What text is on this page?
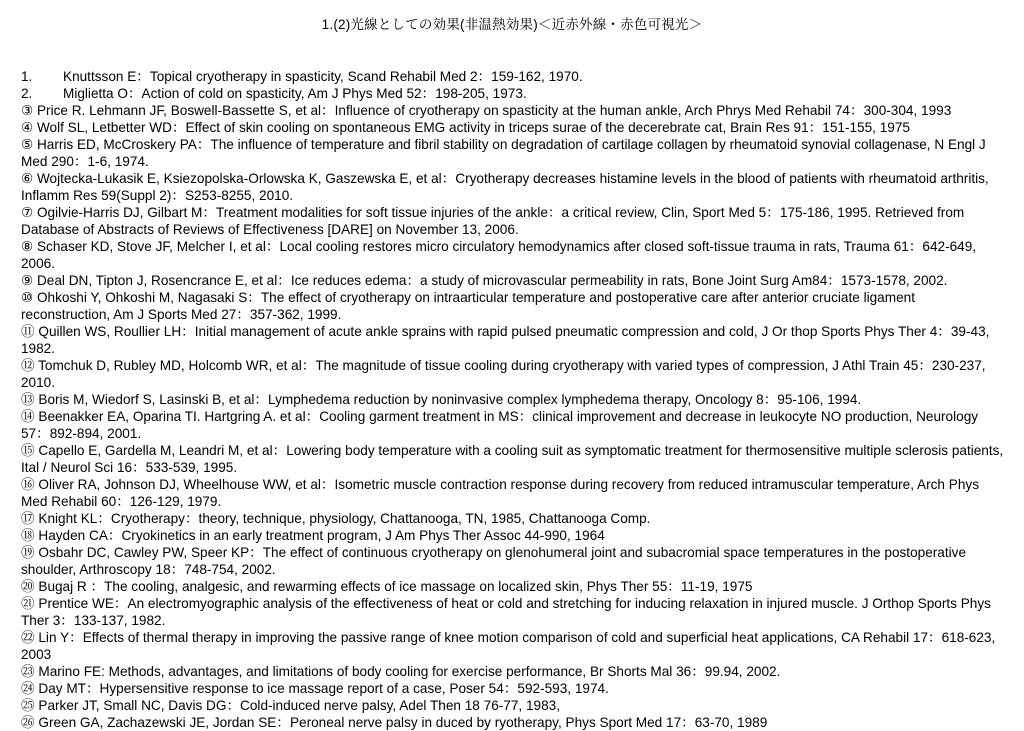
1.(2)光線としての効果(非温熱効果)＜近赤外線・赤色可視光＞
1. Knuttsson E：Topical cryotherapy in spasticity, Scand Rehabil Med 2：159-162, 1970.
2. Miglietta O：Action of cold on spasticity, Am J Phys Med 52：198-205, 1973.
③ Price R. Lehmann JF, Boswell-Bassette S, et al：Influence of cryotherapy on spasticity at the human ankle, Arch Phrys Med Rehabil 74：300-304, 1993
④ Wolf SL, Letbetter WD：Effect of skin cooling on spontaneous EMG activity in triceps surae of the decerebrate cat, Brain Res 91：151-155, 1975
⑤ Harris ED, McCroskery PA：The influence of temperature and fibril stability on degradation of cartilage collagen by rheumatoid synovial collagenase, N Engl J Med 290：1-6, 1974.
⑥ Wojtecka-Lukasik E, Ksiezopolska-Orlowska K, Gaszewska E, et al：Cryotherapy decreases histamine levels in the blood of patients with rheumatoid arthritis, Inflamm Res 59(Suppl 2)：S253-8255, 2010.
⑦ Ogilvie-Harris DJ, Gilbart M：Treatment modalities for soft tissue injuries of the ankle：a critical review, Clin, Sport Med 5：175-186, 1995. Retrieved from Database of Abstracts of Reviews of Effectiveness [DARE] on November 13, 2006.
⑧ Schaser KD, Stove JF, Melcher I, et al：Local cooling restores micro circulatory hemodynamics after closed soft-tissue trauma in rats, Trauma 61：642-649, 2006.
⑨ Deal DN, Tipton J, Rosencrance E, et al：Ice reduces edema：a study of microvascular permeability in rats, Bone Joint Surg Am84：1573-1578, 2002.
⑩ Ohkoshi Y, Ohkoshi M, Nagasaki S：The effect of cryotherapy on intraarticular temperature and postoperative care after anterior cruciate ligament reconstruction, Am J Sports Med 27：357-362, 1999.
⑪ Quillen WS, Roullier LH：Initial management of acute ankle sprains with rapid pulsed pneumatic compression and cold, J Or thop Sports Phys Ther 4：39-43, 1982.
⑫ Tomchuk D, Rubley MD, Holcomb WR, et al：The magnitude of tissue cooling during cryotherapy with varied types of compression, J Athl Train 45：230-237, 2010.
⑬ Boris M, Wiedorf S, Lasinski B, et al：Lymphedema reduction by noninvasive complex lymphedema therapy, Oncology 8：95-106, 1994.
⑭ Beenakker EA, Oparina TI. Hartgring A. et al：Cooling garment treatment in MS：clinical improvement and decrease in leukocyte NO production, Neurology 57：892-894, 2001.
⑮ Capello E, Gardella M, Leandri M, et al：Lowering body temperature with a cooling suit as symptomatic treatment for thermosensitive multiple sclerosis patients, Ital / Neurol Sci 16：533-539, 1995.
⑯ Oliver RA, Johnson DJ, Wheelhouse WW, et al：Isometric muscle contraction response during recovery from reduced intramuscular temperature, Arch Phys Med Rehabil 60：126-129, 1979.
⑰ Knight KL：Cryotherapy：theory, technique, physiology, Chattanooga, TN, 1985, Chattanooga Comp.
⑱ Hayden CA：Cryokinetics in an early treatment program, J Am Phys Ther Assoc 44-990, 1964
⑲ Osbahr DC, Cawley PW, Speer KP：The effect of continuous cryotherapy on glenohumeral joint and subacromial space temperatures in the postoperative shoulder, Arthroscopy 18：748-754, 2002.
⑳ Bugaj R ：The cooling, analgesic, and rewarming effects of ice massage on localized skin, Phys Ther 55：11-19, 1975
㉑ Prentice WE：An electromyographic analysis of the effectiveness of heat or cold and stretching for inducing relaxation in injured muscle. J Orthop Sports Phys Ther 3：133-137, 1982.
㉒ Lin Y：Effects of thermal therapy in improving the passive range of knee motion comparison of cold and superficial heat applications, CA Rehabil 17：618-623, 2003
㉓ Marino FE: Methods, advantages, and limitations of body cooling for exercise performance, Br Shorts Mal 36：99.94, 2002.
㉔ Day MT：Hypersensitive response to ice massage report of a case, Poser 54：592-593, 1974.
㉕ Parker JT, Small NC, Davis DG：Cold-induced nerve palsy, Adel Then 18 76-77, 1983,
㉖ Green GA, Zachazewski JE, Jordan SE：Peroneal nerve palsy in duced by ryotherapy, Phys Sport Med 17：63-70, 1989
